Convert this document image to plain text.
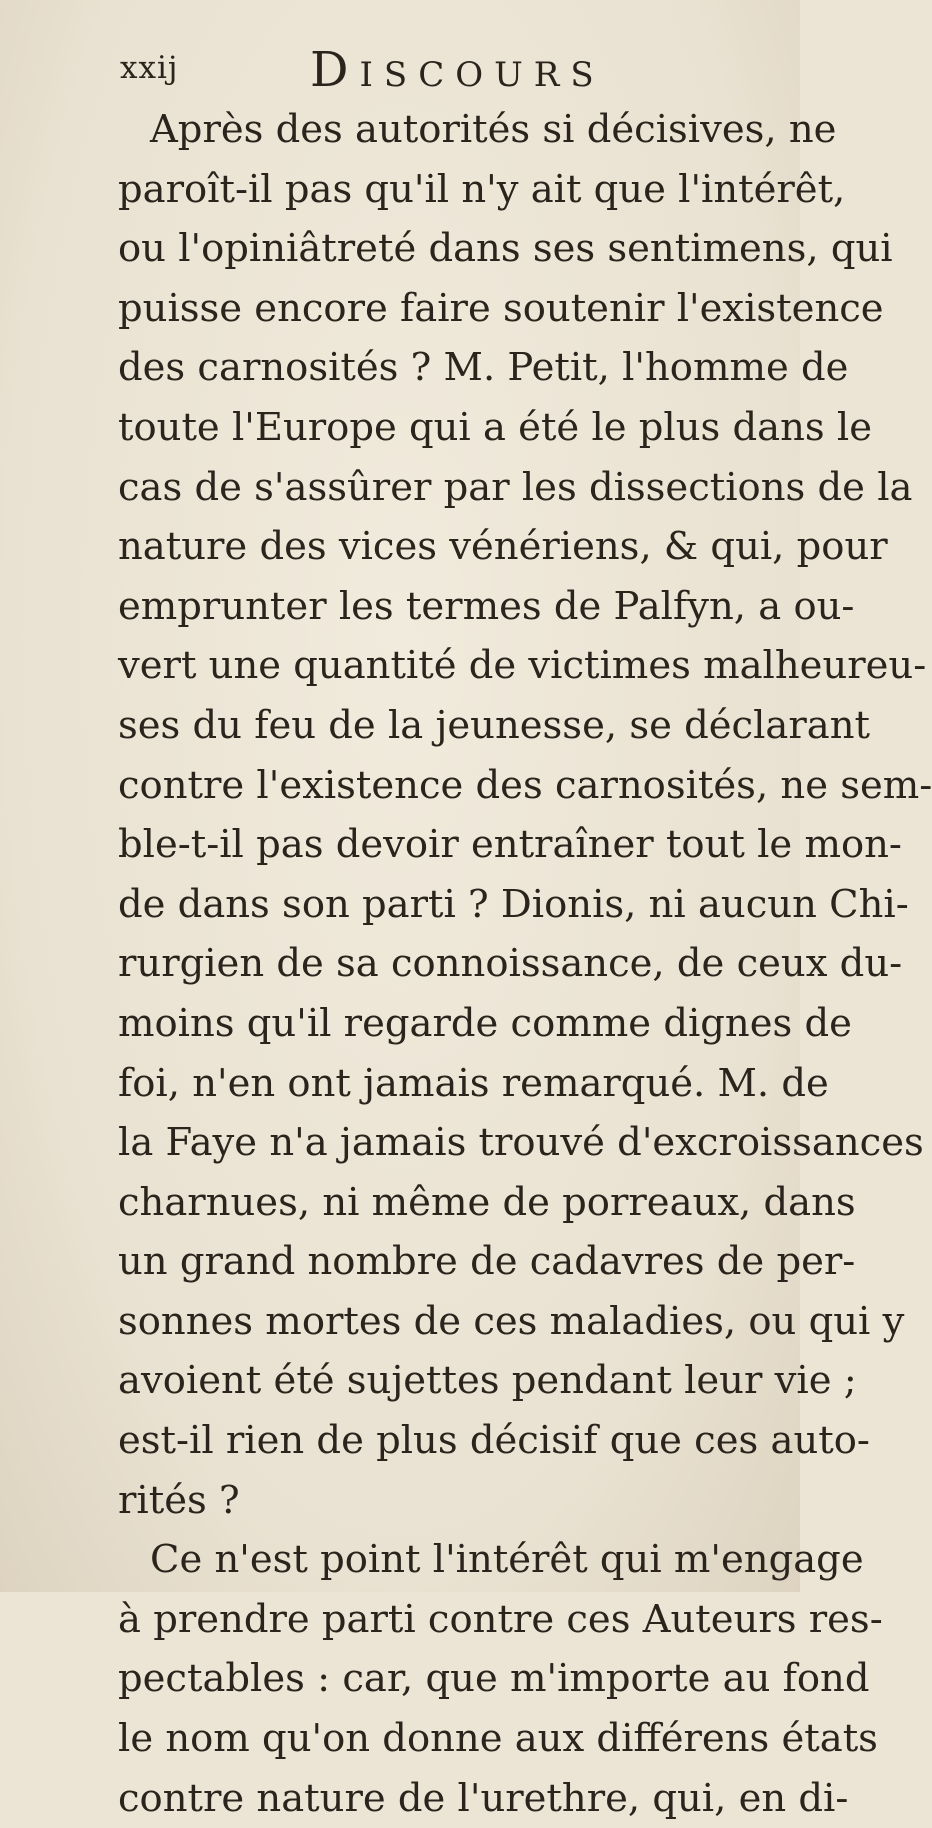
xxij	Discours
Après des autorités si décisives, ne
paroît-il pas qu'il n'y ait que l'intérêt,
ou l'opiniâtreté dans ses sentimens, qui
puisse encore faire soutenir l'existence
des carnosités ? M. Petit, l'homme de
toute l'Europe qui a été le plus dans le
cas de s'assûrer par les dissections de la
nature des vices vénériens, & qui, pour
emprunter les termes de Palfyn, a ou-
vert une quantité de victimes malheureu-
ses du feu de la jeunesse, se déclarant
contre l'existence des carnosités, ne sem-
ble-t-il pas devoir entraîner tout le mon-
de dans son parti ? Dionis, ni aucun Chi-
rurgien de sa connoissance, de ceux du-
moins qu'il regarde comme dignes de
foi, n'en ont jamais remarqué. M. de
la Faye n'a jamais trouvé d'excroissances
charnues, ni même de porreaux, dans
un grand nombre de cadavres de per-
sonnes mortes de ces maladies, ou qui y
avoient été sujettes pendant leur vie ;
est-il rien de plus décisif que ces auto-
rités ?
Ce n'est point l'intérêt qui m'engage
à prendre parti contre ces Auteurs res-
pectables : car, que m'importe au fond
le nom qu'on donne aux différens états
contre nature de l'urethre, qui, en di-
